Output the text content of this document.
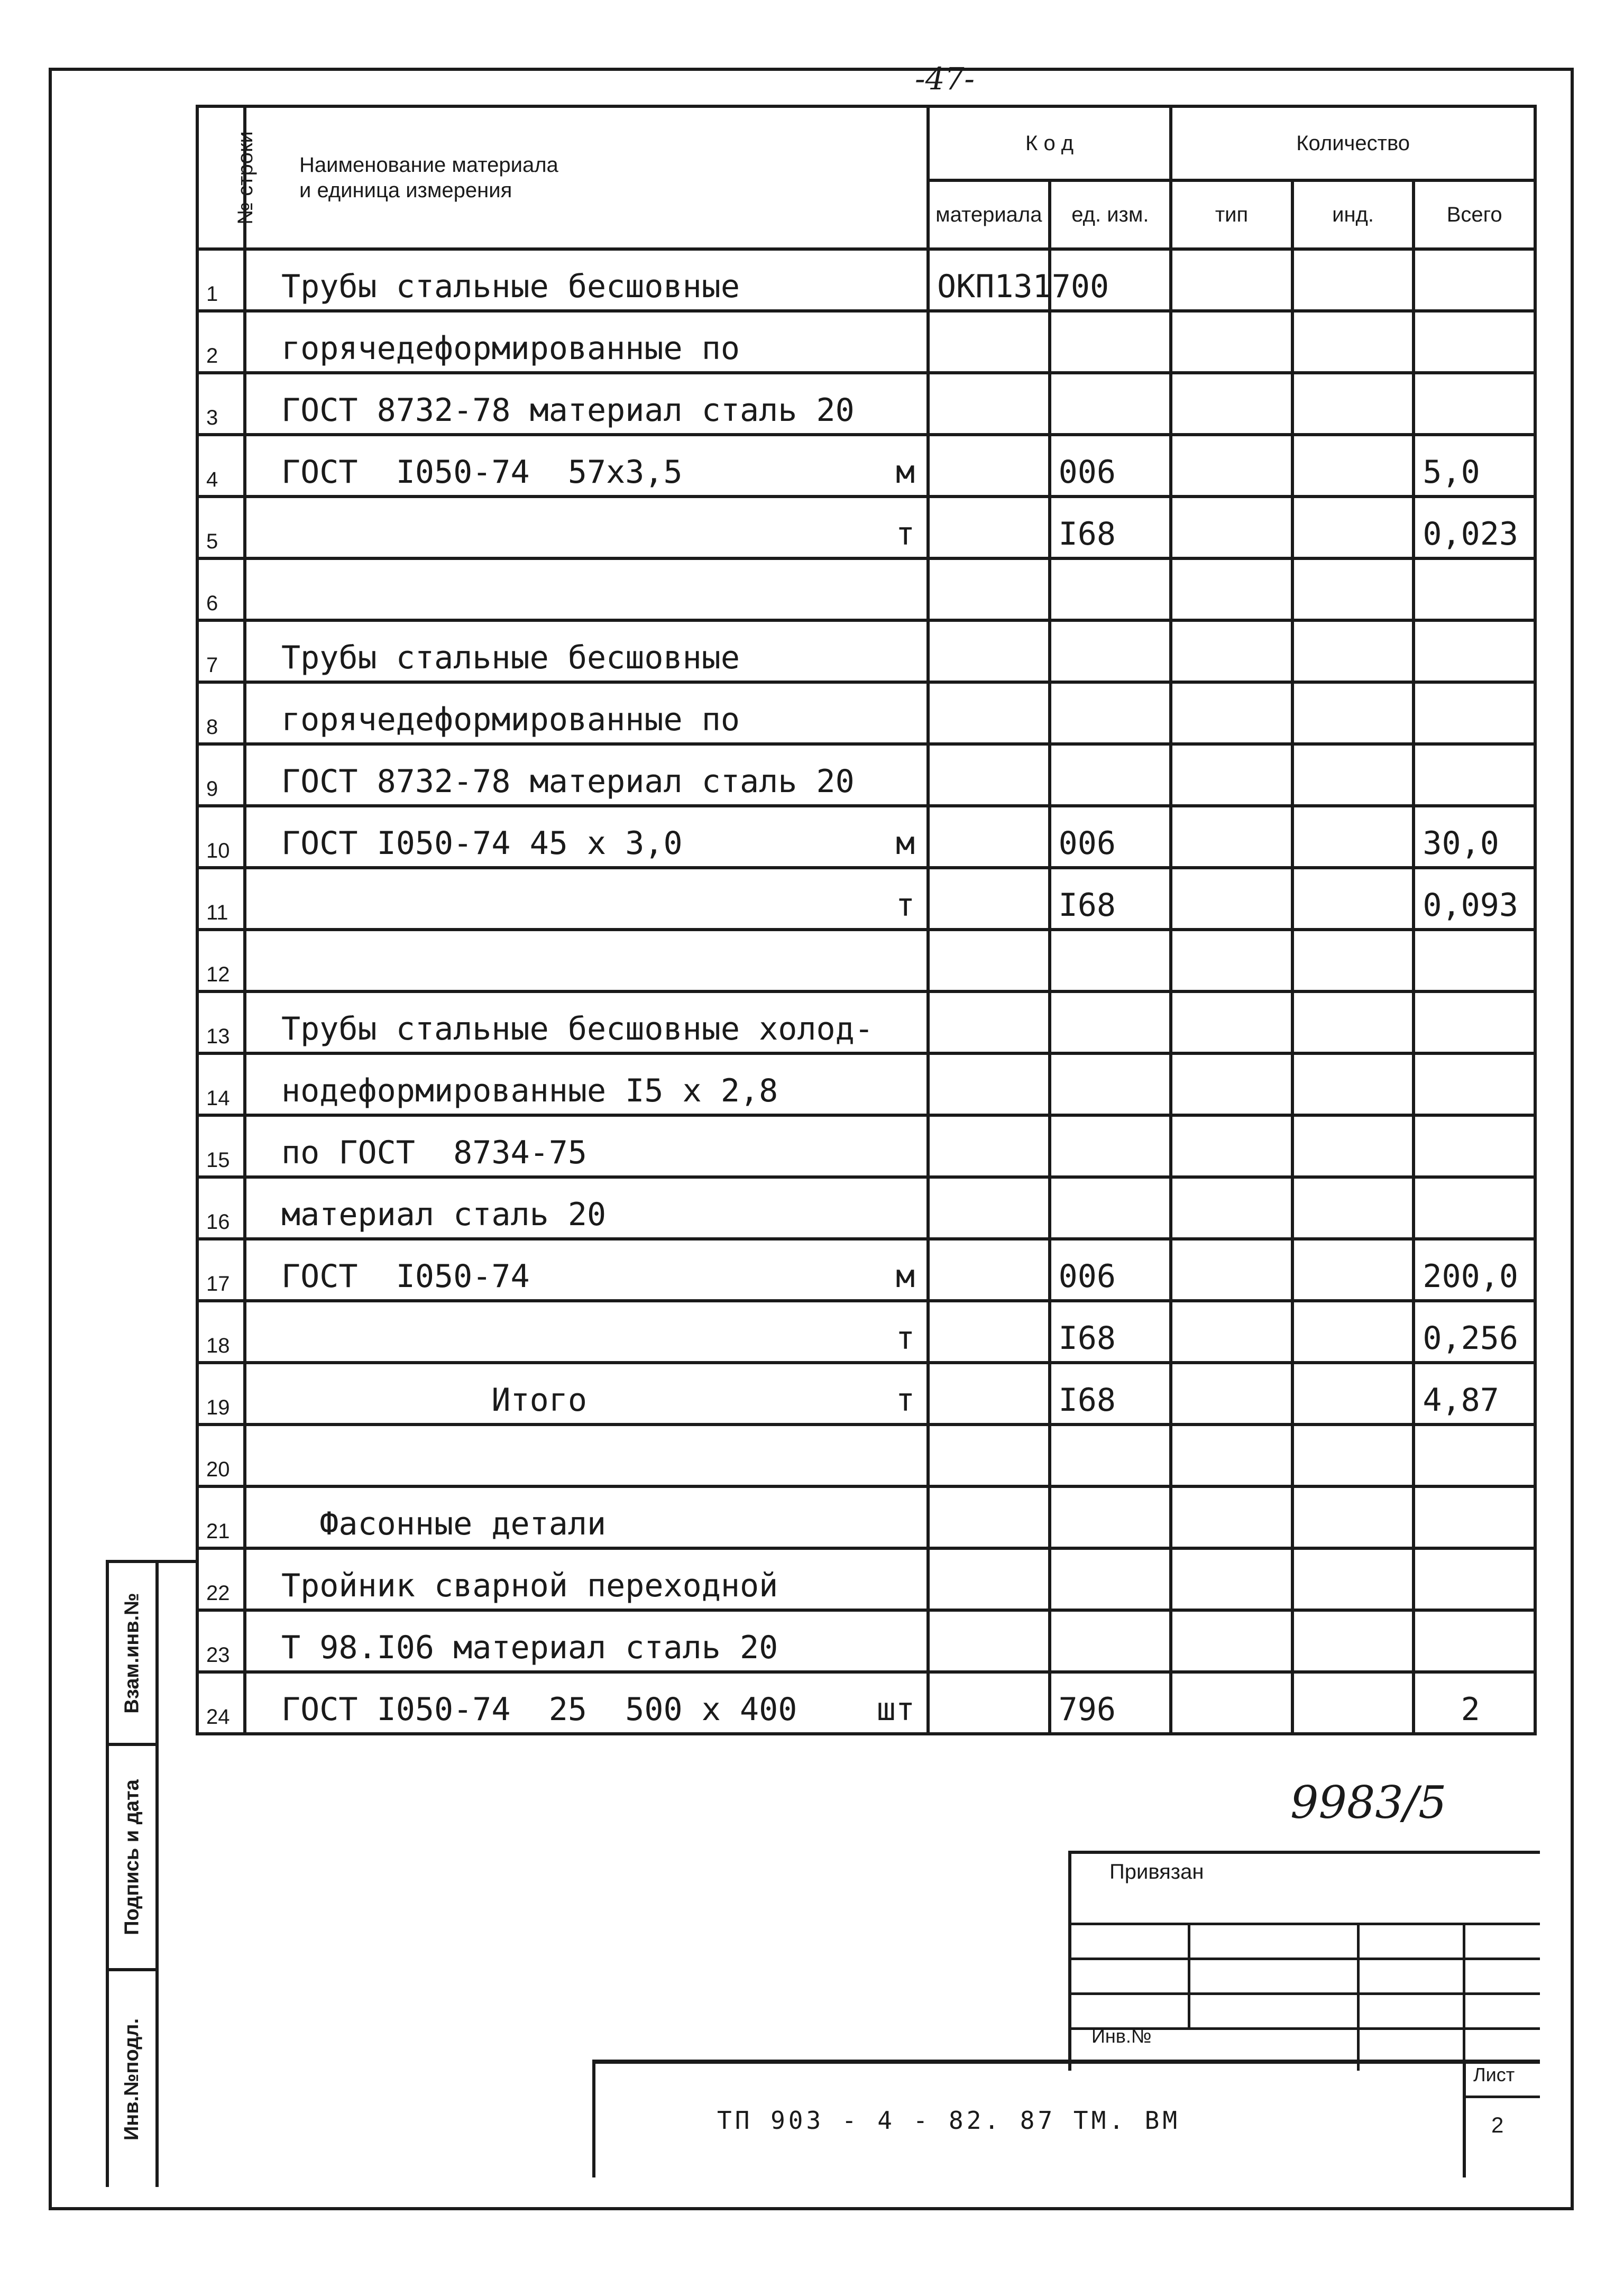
-47-
№ строки	Наименование материала
и единица измерения	К о д		Количество		
		материала	ед. изм.	тип	инд.	Всего
1	Трубы стальные бесшовные	ОКП131700				
2	горячедеформированные по

3	ГОСТ 8732-78 материал сталь 20

4	ГОСТ  I050-74  57х3,5 м		006			5,0
5	т		I68			0,023
6	

7	Трубы стальные бесшовные

8	горячедеформированные по

9	ГОСТ 8732-78 материал сталь 20

10	ГОСТ I050-74 45 х 3,0 м		006			30,0
11	т		I68			0,093
12	

13	Трубы стальные бесшовные холод-

14	нодеформированные I5 х 2,8

15	по ГОСТ  8734-75

16	материал сталь 20

17	ГОСТ  I050-74 м		006			200,0
18	т		I68			0,256
19	Итого т		I68			4,87
20	

21	Фасонные детали

22	Тройник сварной переходной

23	Т 98.I06 материал сталь 20

24	ГОСТ I050-74  25  500 х 400 шт		796			2
Взам.инв.№
Подпись и дата
Инв.№подл.
9983/5
Привязан
Инв.№
ТП 903 - 4 - 82. 87 ТМ. ВМ
Лист
2
